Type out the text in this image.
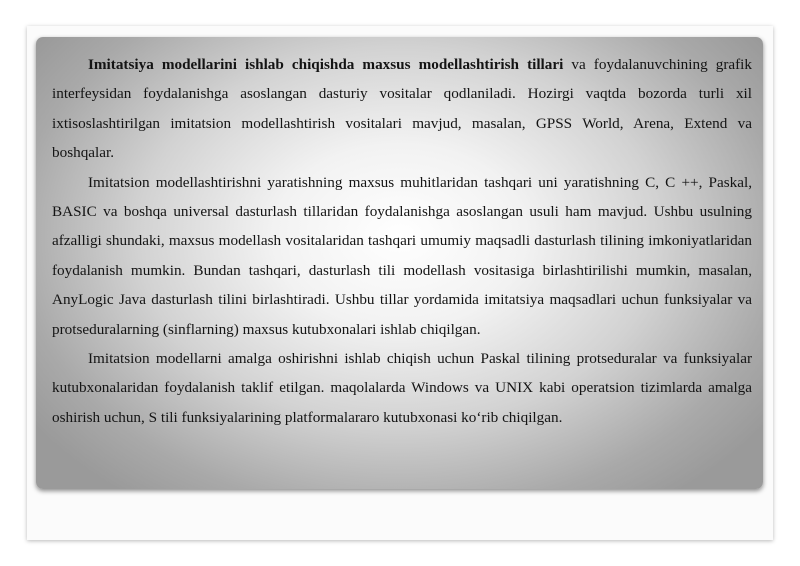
Imitatsiya modellarini ishlab chiqishda maxsus modellashtirish tillari va foydalanuvchining grafik interfeysidan foydalanishga asoslangan dasturiy vositalar qodlaniladi. Hozirgi vaqtda bozorda turli xil ixtisoslashtirilgan imitatsion modellashtirish vositalari mavjud, masalan, GPSS World, Arena, Extend va boshqalar.

Imitatsion modellashtirishni yaratishning maxsus muhitlaridan tashqari uni yaratishning C, C ++, Paskal, BASIC va boshqa universal dasturlash tillaridan foydalanishga asoslangan usuli ham mavjud. Ushbu usulning afzalligi shundaki, maxsus modellash vositalaridan tashqari umumiy maqsadli dasturlash tilining imkoniyatlaridan foydalanish mumkin. Bundan tashqari, dasturlash tili modellash vositasiga birlashtirilishi mumkin, masalan, AnyLogic Java dasturlash tilini birlashtiradi. Ushbu tillar yordamida imitatsiya maqsadlari uchun funksiyalar va protseduralarning (sinflarning) maxsus kutubxonalari ishlab chiqilgan.

Imitatsion modellarni amalga oshirishni ishlab chiqish uchun Paskal tilining protseduralar va funksiyalar kutubxonalaridan foydalanish taklif etilgan. maqolalarda Windows va UNIX kabi operatsion tizimlarda amalga oshirish uchun, S tili funksiyalarining platformalararo kutubxonasi ko‘rib chiqilgan.
